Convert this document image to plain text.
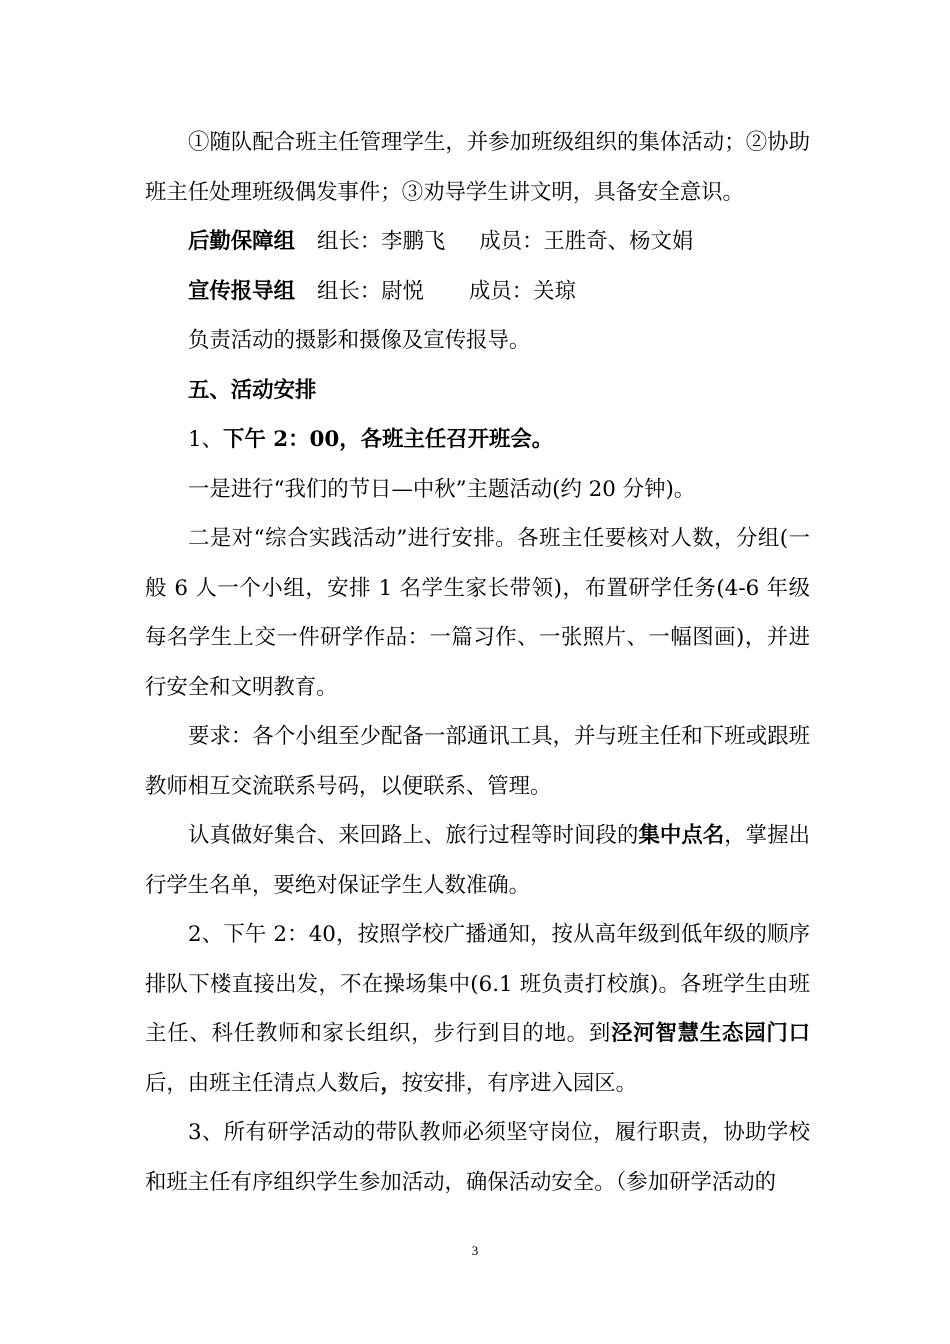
①随队配合班主任管理学生，并参加班级组织的集体活动；②协助班主任处理班级偶发事件；③劝导学生讲文明，具备安全意识。

后勤保障组 组长：李鹏飞 成员：王胜奇、杨文娟

宣传报导组 组长：尉悦 成员：关琼

负责活动的摄影和摄像及宣传报导。

五、活动安排

1、下午 2：00，各班主任召开班会。

一是进行“我们的节日—中秋”主题活动(约 20 分钟)。

二是对“综合实践活动”进行安排。各班主任要核对人数，分组(一般 6 人一个小组，安排 1 名学生家长带领)，布置研学任务(4-6 年级每名学生上交一件研学作品：一篇习作、一张照片、一幅图画)，并进行安全和文明教育。

要求：各个小组至少配备一部通讯工具，并与班主任和下班或跟班教师相互交流联系号码，以便联系、管理。

认真做好集合、来回路上、旅行过程等时间段的集中点名，掌握出行学生名单，要绝对保证学生人数准确。

2、下午 2：40，按照学校广播通知，按从高年级到低年级的顺序排队下楼直接出发，不在操场集中(6.1 班负责打校旗)。各班学生由班主任、科任教师和家长组织，步行到目的地。到泾河智慧生态园门口后，由班主任清点人数后，按安排，有序进入园区。

3、所有研学活动的带队教师必须坚守岗位，履行职责，协助学校和班主任有序组织学生参加活动，确保活动安全。（参加研学活动的

3
